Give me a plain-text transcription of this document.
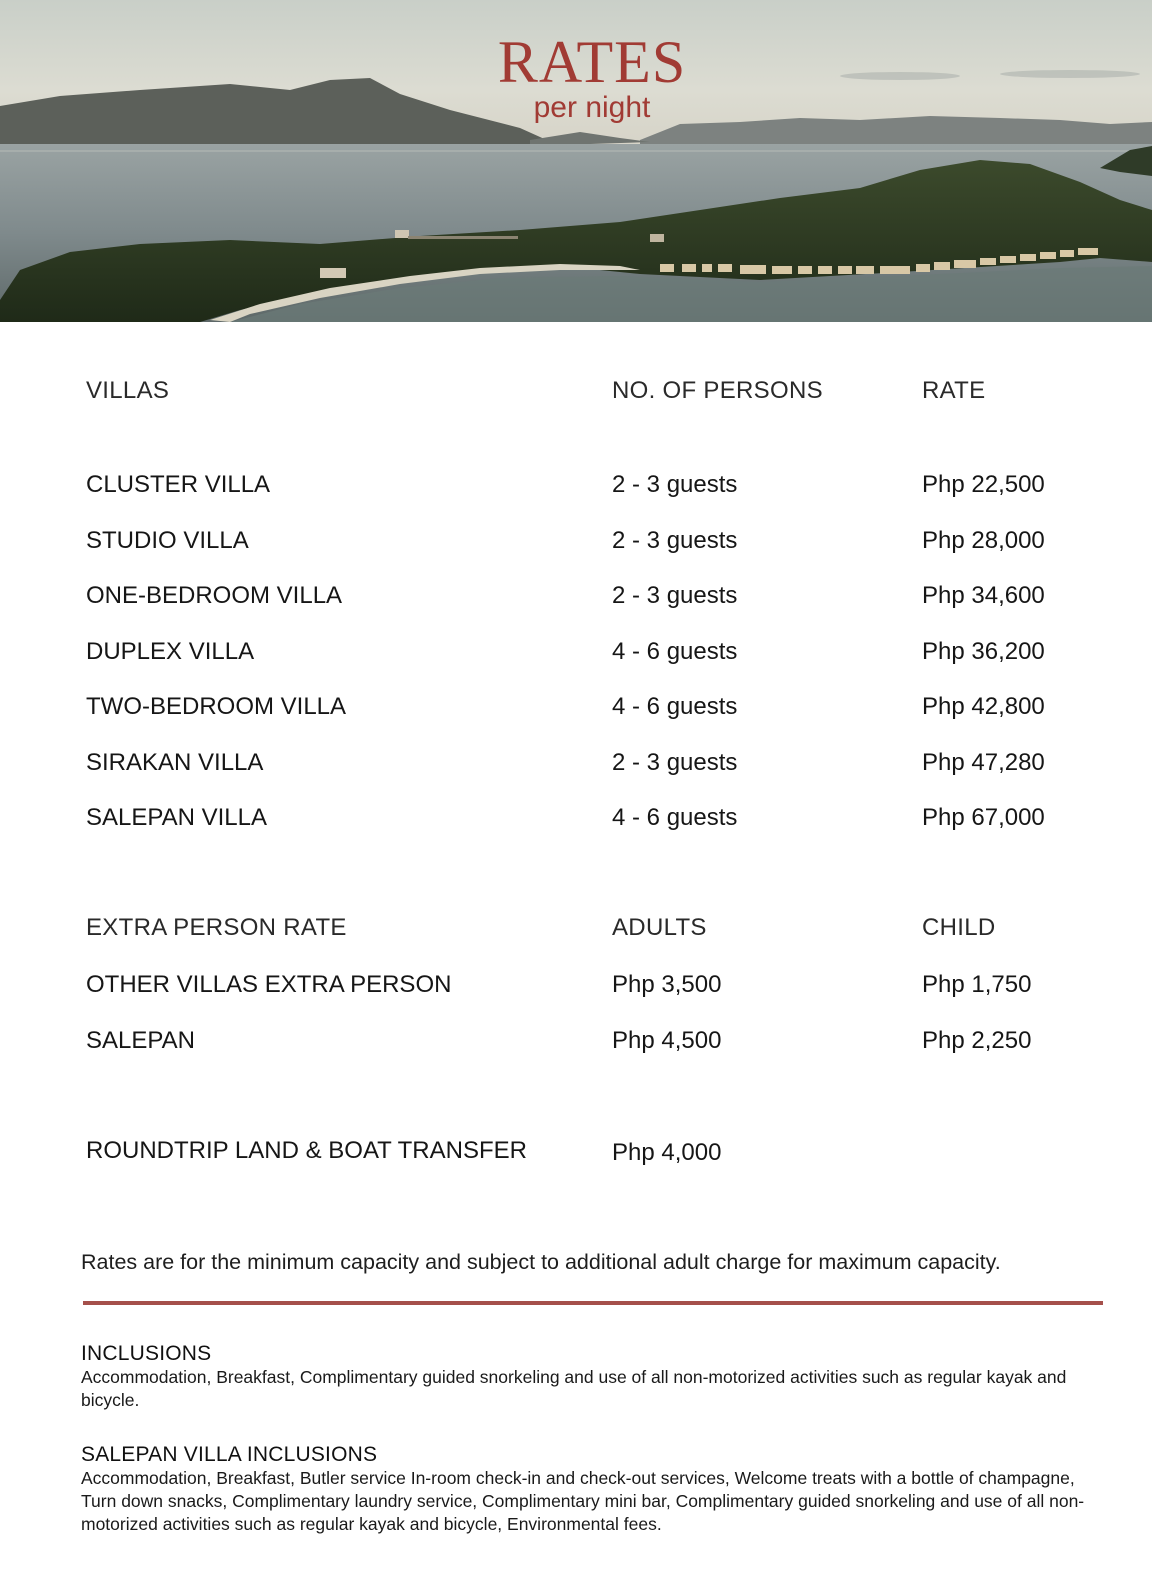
RATES
per night
VILLAS	NO. OF PERSONS	RATE
CLUSTER VILLA	2 - 3 guests	Php 22,500
STUDIO VILLA	2 - 3 guests	Php 28,000
ONE-BEDROOM VILLA	2 - 3 guests	Php 34,600
DUPLEX VILLA	4 - 6 guests	Php 36,200
TWO-BEDROOM VILLA	4 - 6 guests	Php 42,800
SIRAKAN VILLA	2 - 3 guests	Php 47,280
SALEPAN VILLA	4 - 6 guests	Php 67,000
EXTRA PERSON RATE	ADULTS	CHILD
OTHER VILLAS EXTRA PERSON	Php 3,500	Php 1,750
SALEPAN	Php 4,500	Php 2,250
ROUNDTRIP LAND & BOAT TRANSFER	Php 4,000
Rates are for the minimum capacity and subject to additional adult charge for maximum capacity.
INCLUSIONS
Accommodation, Breakfast, Complimentary guided snorkeling and use of all non-motorized activities such as regular kayak and bicycle.
SALEPAN VILLA INCLUSIONS
Accommodation, Breakfast, Butler service In-room check-in and check-out services, Welcome treats with a bottle of champagne, Turn down snacks, Complimentary laundry service, Complimentary mini bar, Complimentary guided snorkeling and use of all non-motorized activities such as regular kayak and bicycle, Environmental fees.
